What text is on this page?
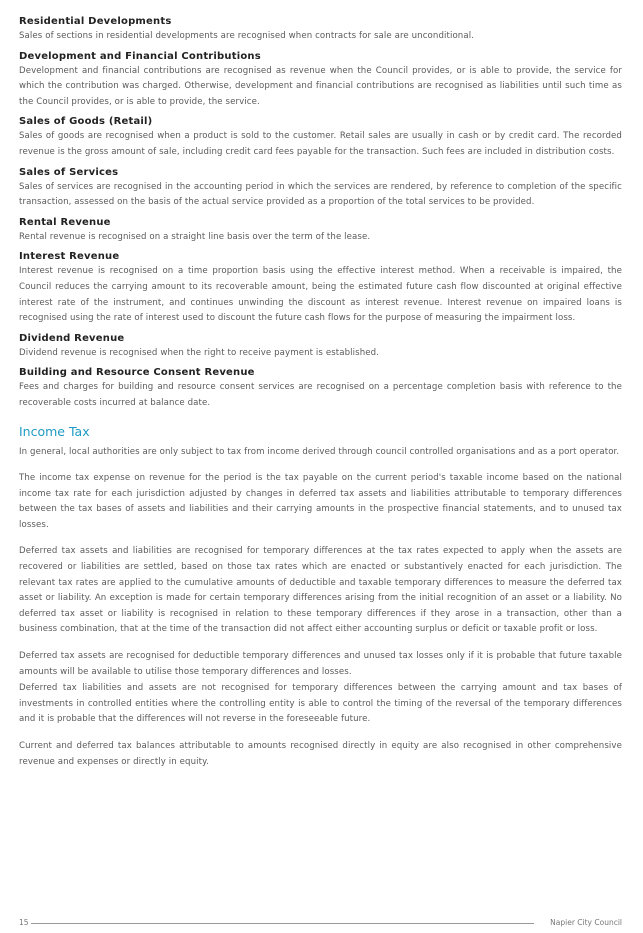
Residential Developments

Sales of sections in residential developments are recognised when contracts for sale are unconditional.

Development and Financial Contributions

Development and financial contributions are recognised as revenue when the Council provides, or is able to provide, the service for which the contribution was charged. Otherwise, development and financial contributions are recognised as liabilities until such time as the Council provides, or is able to provide, the service.

Sales of Goods (Retail)

Sales of goods are recognised when a product is sold to the customer. Retail sales are usually in cash or by credit card. The recorded revenue is the gross amount of sale, including credit card fees payable for the transaction. Such fees are included in distribution costs.

Sales of Services

Sales of services are recognised in the accounting period in which the services are rendered, by reference to completion of the specific transaction, assessed on the basis of the actual service provided as a proportion of the total services to be provided.

Rental Revenue

Rental revenue is recognised on a straight line basis over the term of the lease.

Interest Revenue

Interest revenue is recognised on a time proportion basis using the effective interest method. When a receivable is impaired, the Council reduces the carrying amount to its recoverable amount, being the estimated future cash flow discounted at original effective interest rate of the instrument, and continues unwinding the discount as interest revenue. Interest revenue on impaired loans is recognised using the rate of interest used to discount the future cash flows for the purpose of measuring the impairment loss.

Dividend Revenue

Dividend revenue is recognised when the right to receive payment is established.

Building and Resource Consent Revenue

Fees and charges for building and resource consent services are recognised on a percentage completion basis with reference to the recoverable costs incurred at balance date.

Income Tax

In general, local authorities are only subject to tax from income derived through council controlled organisations and as a port operator.

The income tax expense on revenue for the period is the tax payable on the current period's taxable income based on the national income tax rate for each jurisdiction adjusted by changes in deferred tax assets and liabilities attributable to temporary differences between the tax bases of assets and liabilities and their carrying amounts in the prospective financial statements, and to unused tax losses.

Deferred tax assets and liabilities are recognised for temporary differences at the tax rates expected to apply when the assets are recovered or liabilities are settled, based on those tax rates which are enacted or substantively enacted for each jurisdiction. The relevant tax rates are applied to the cumulative amounts of deductible and taxable temporary differences to measure the deferred tax asset or liability. An exception is made for certain temporary differences arising from the initial recognition of an asset or a liability. No deferred tax asset or liability is recognised in relation to these temporary differences if they arose in a transaction, other than a business combination, that at the time of the transaction did not affect either accounting surplus or deficit or taxable profit or loss.

Deferred tax assets are recognised for deductible temporary differences and unused tax losses only if it is probable that future taxable amounts will be available to utilise those temporary differences and losses.

Deferred tax liabilities and assets are not recognised for temporary differences between the carrying amount and tax bases of investments in controlled entities where the controlling entity is able to control the timing of the reversal of the temporary differences and it is probable that the differences will not reverse in the foreseeable future.

Current and deferred tax balances attributable to amounts recognised directly in equity are also recognised in other comprehensive revenue and expenses or directly in equity.

15	Napier City Council
